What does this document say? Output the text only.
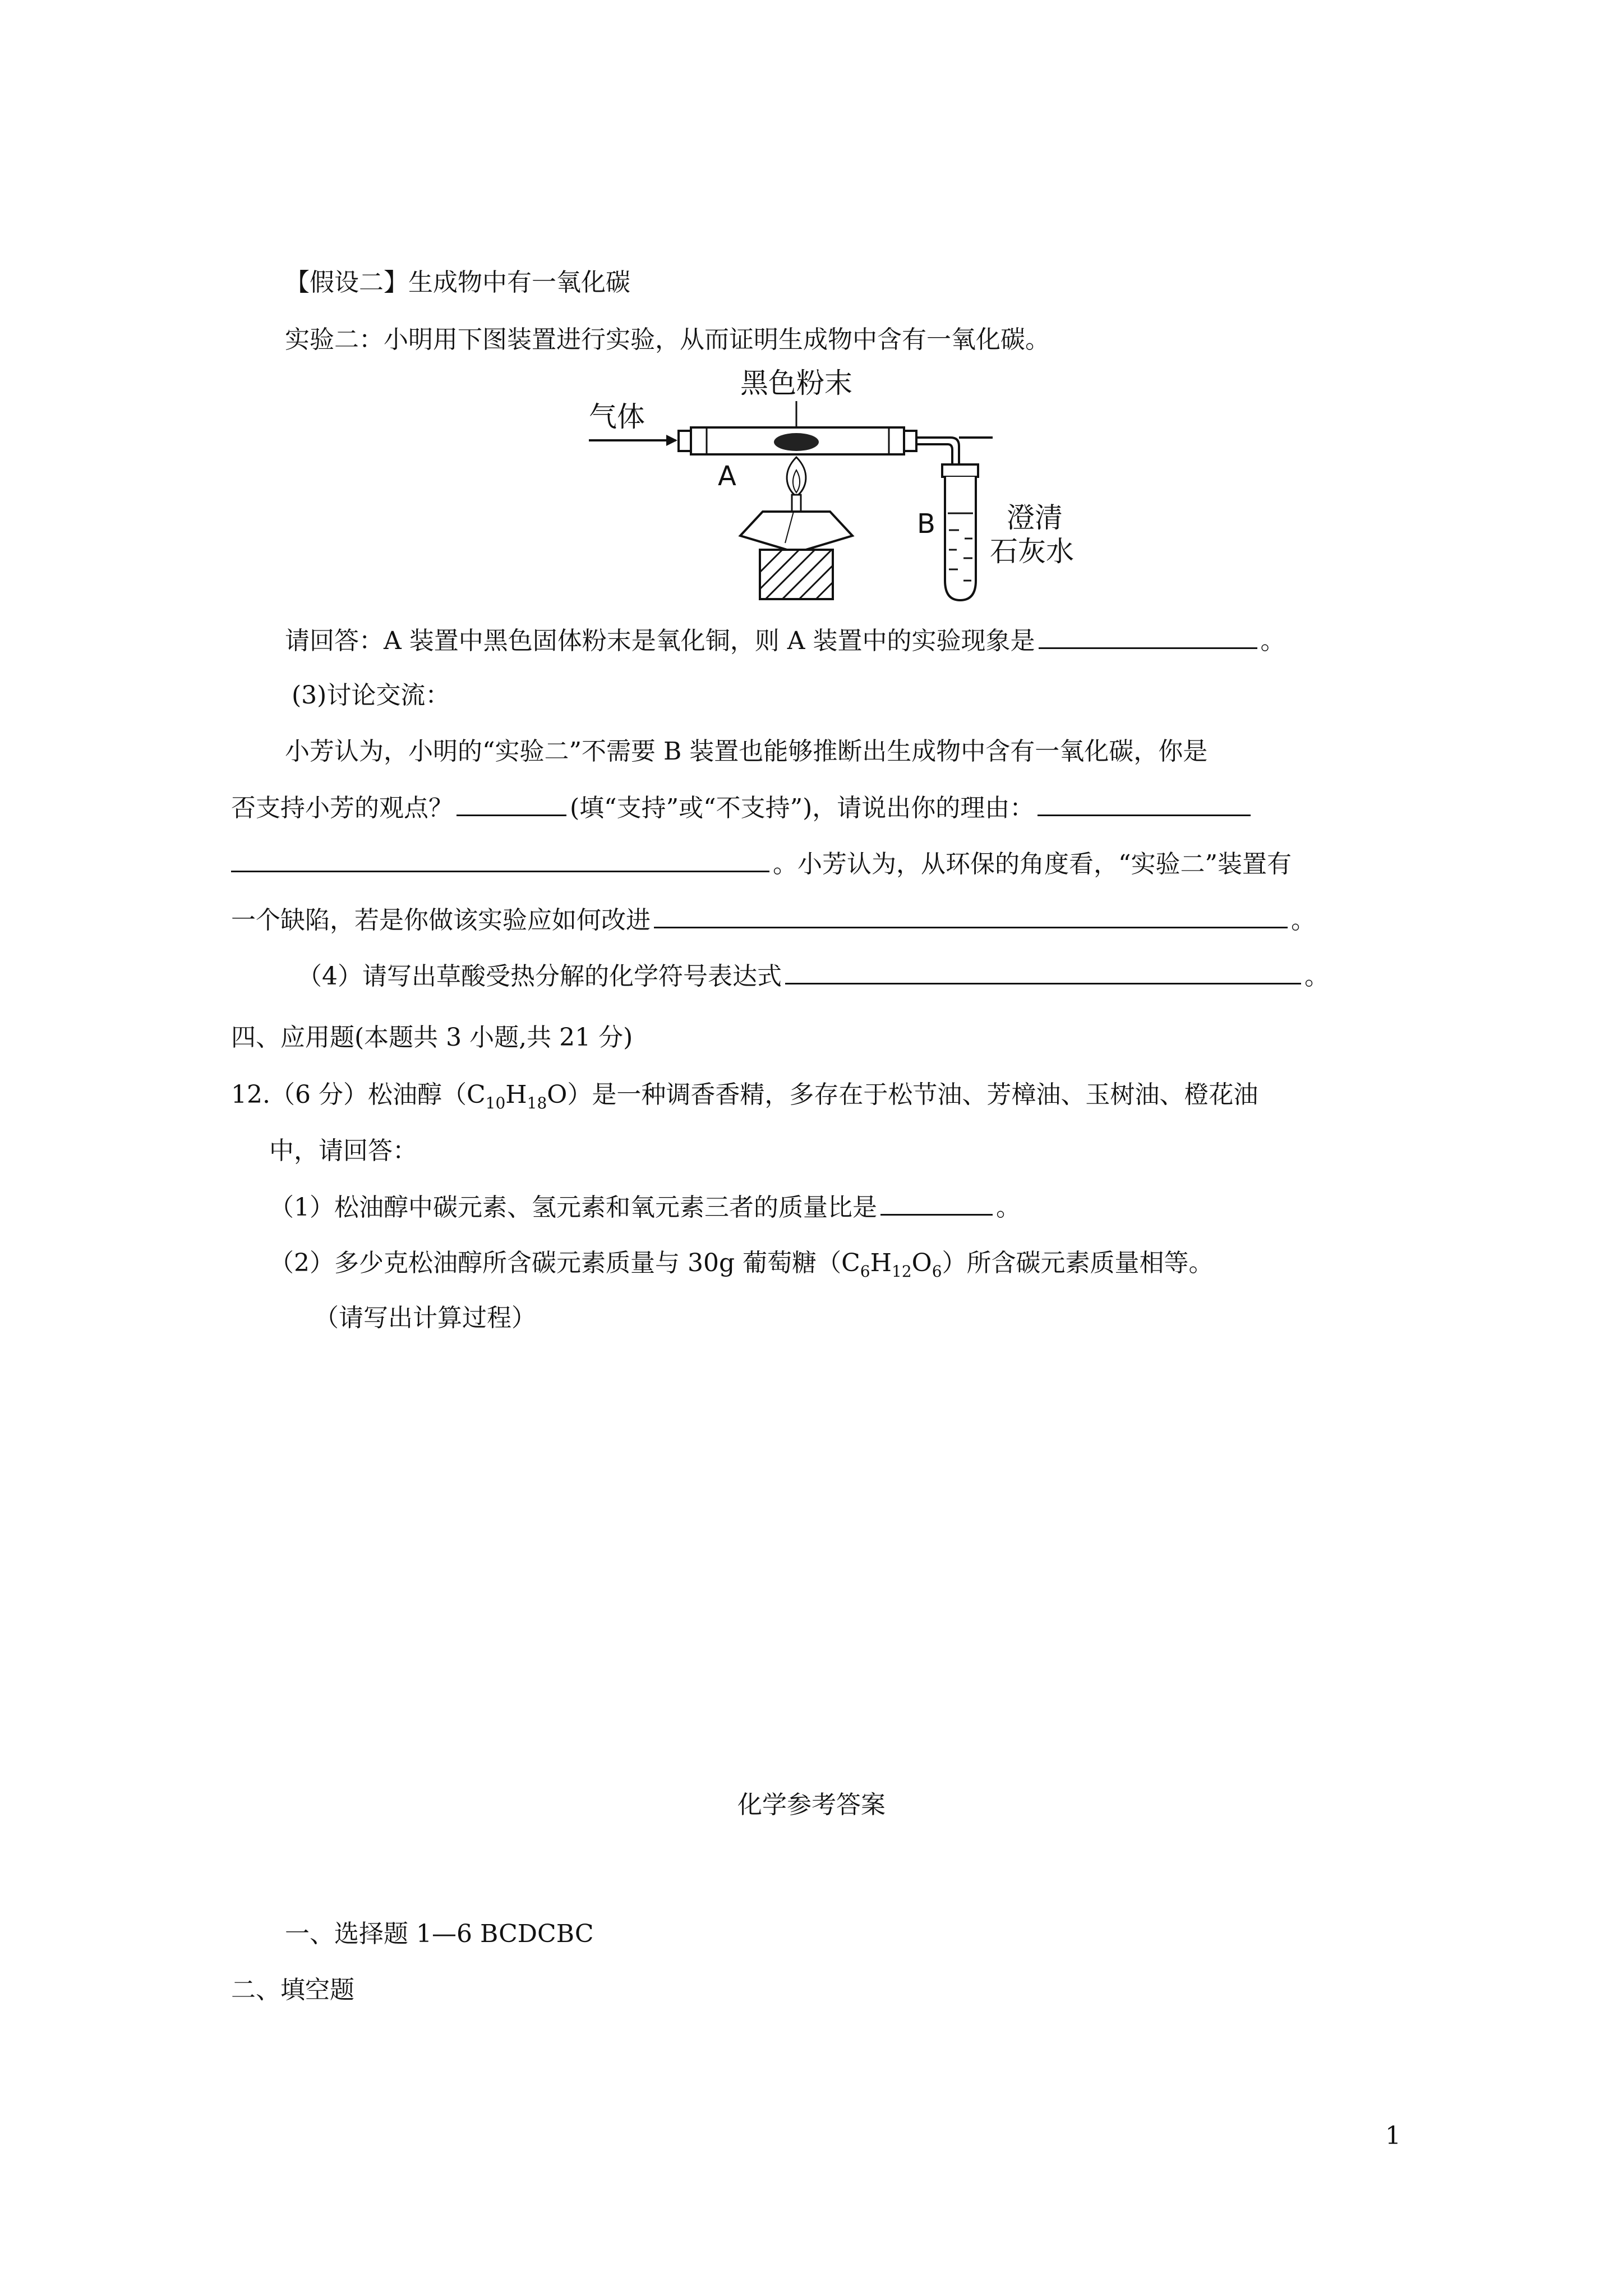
【假设二】生成物中有一氧化碳
实验二：小明用下图装置进行实验，从而证明生成物中含有一氧化碳。
气体
黑色粉末
A
B	澄清
石灰水
请回答：A 装置中黑色固体粉末是氧化铜，则 A 装置中的实验现象是	。
(3)讨论交流：
小芳认为，小明的“实验二”不需要 B 装置也能够推断出生成物中含有一氧化碳，你是
否支持小芳的观点？	(填“支持”或“不支持”)，请说出你的理由：
。小芳认为，从环保的角度看，“实验二”装置有
一个缺陷，若是你做该实验应如何改进	。
（4）请写出草酸受热分解的化学符号表达式	。
四、应用题(本题共 3 小题,共 21 分)
12.（6 分）松油醇$(C_{10}H_{18}O)$是一种调香香精，多存在于松节油、芳樟油、玉树油、橙花油
中，请回答：
（1）松油醇中碳元素、氢元素和氧元素三者的质量比是	。
（2）多少克松油醇所含碳元素质量与 30g 葡萄糖$(C_6H_{12}O_6)$所含碳元素质量相等。
（请写出计算过程）
化学参考答案
一、选择题 1—6 BCDCBC
二、填空题
1
